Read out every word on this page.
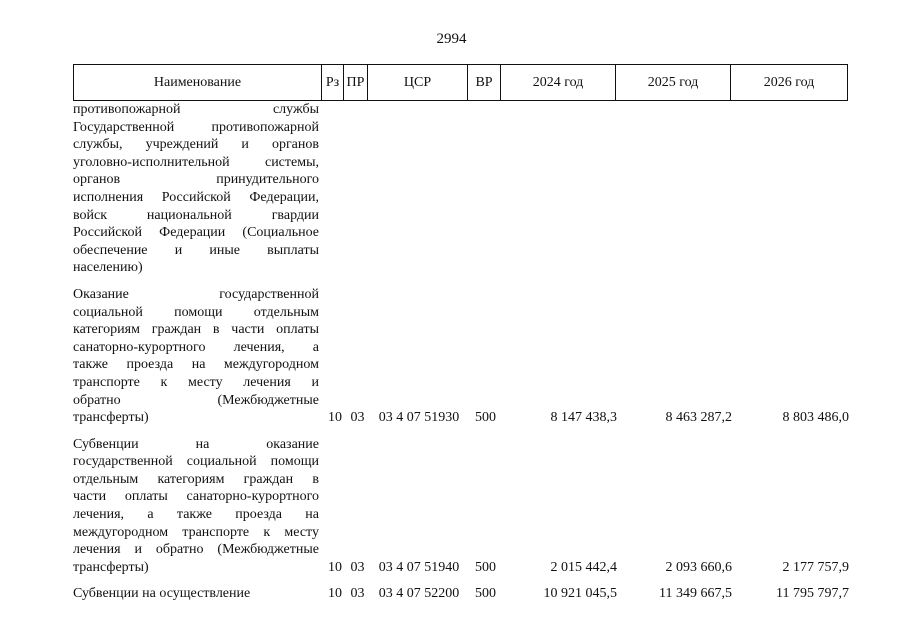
2994
Наименование	Рз	ПР	ЦСР	ВР	2024 год	2025 год	2026 год
противопожарной службы
Государственной противопожарной
службы, учреждений и органов
уголовно-исполнительной системы,
органов принудительного
исполнения Российской Федерации,
войск национальной гвардии
Российской Федерации (Социальное
обеспечение и иные выплаты
населению)
Оказание государственной
социальной помощи отдельным
категориям граждан в части оплаты
санаторно-курортного лечения, а
также проезда на междугородном
транспорте к месту лечения и
обратно (Межбюджетные
трансферты)	10 03	03 4 07 51930	500	8 147 438,3	8 463 287,2	8 803 486,0
Субвенции на оказание
государственной социальной помощи
отдельным категориям граждан в
части оплаты санаторно-курортного
лечения, а также проезда на
междугородном транспорте к месту
лечения и обратно (Межбюджетные
трансферты)	10 03	03 4 07 51940	500	2 015 442,4	2 093 660,6	2 177 757,9
Субвенции на осуществление	10 03	03 4 07 52200	500	10 921 045,5	11 349 667,5	11 795 797,7
